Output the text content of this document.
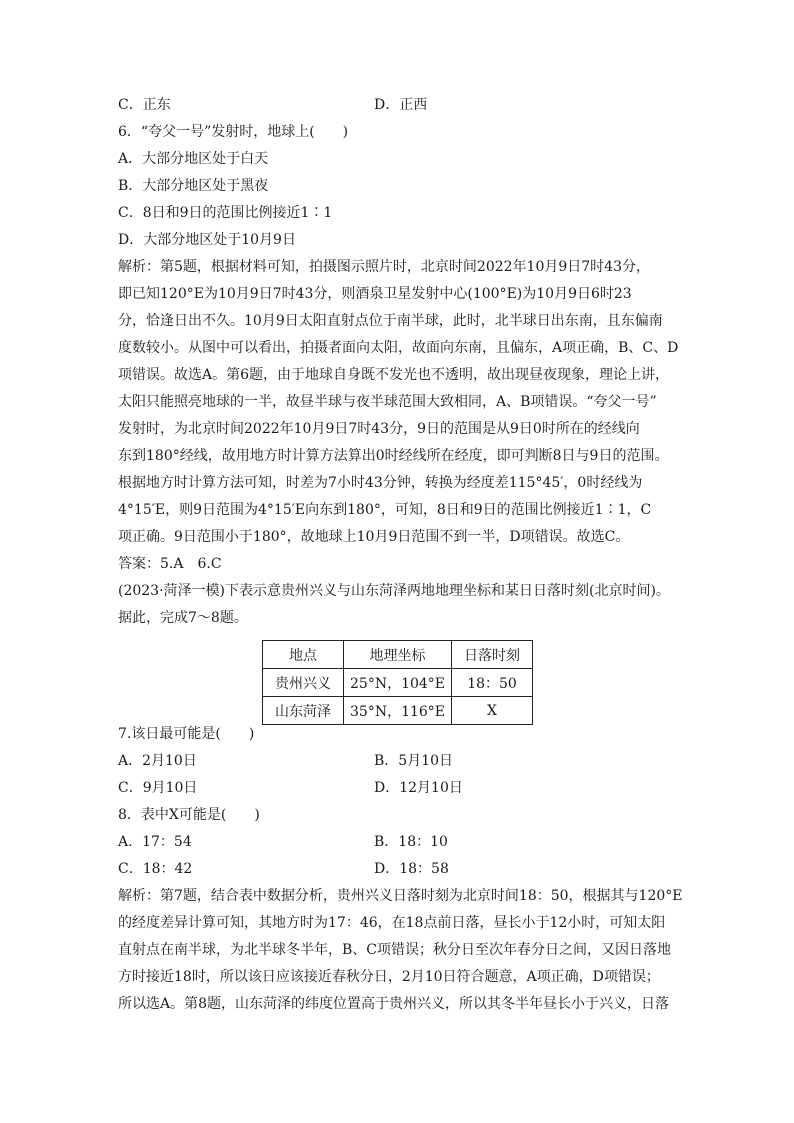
C．正东	D．正西
6．“夸父一号”发射时，地球上(　　)
A．大部分地区处于白天
B．大部分地区处于黑夜
C．8日和9日的范围比例接近1∶1
D．大部分地区处于10月9日
解析：第5题，根据材料可知，拍摄图示照片时，北京时间2022年10月9日7时43分，
即已知120°E为10月9日7时43分，则酒泉卫星发射中心(100°E)为10月9日6时23
分，恰逢日出不久。10月9日太阳直射点位于南半球，此时，北半球日出东南，且东偏南
度数较小。从图中可以看出，拍摄者面向太阳，故面向东南，且偏东，A项正确，B、C、D
项错误。故选A。第6题，由于地球自身既不发光也不透明，故出现昼夜现象，理论上讲，
太阳只能照亮地球的一半，故昼半球与夜半球范围大致相同，A、B项错误。“夸父一号”
发射时，为北京时间2022年10月9日7时43分，9日的范围是从9日0时所在的经线向
东到180°经线，故用地方时计算方法算出0时经线所在经度，即可判断8日与9日的范围。
根据地方时计算方法可知，时差为7小时43分钟，转换为经度差115°45′，0时经线为
4°15′E，则9日范围为4°15′E向东到180°，可知，8日和9日的范围比例接近1∶1，C
项正确。9日范围小于180°，故地球上10月9日范围不到一半，D项错误。故选C。
答案：5.A　6.C
(2023·菏泽一模)下表示意贵州兴义与山东菏泽两地地理坐标和某日日落时刻(北京时间)。
据此，完成7～8题。
地点	地理坐标	日落时刻
贵州兴义	25°N，104°E	18：50
山东菏泽	35°N，116°E	X
7.该日最可能是(　　)
A．2月10日	B．5月10日
C．9月10日	D．12月10日
8．表中X可能是(　　)
A．17：54	B．18：10
C．18：42	D．18：58
解析：第7题，结合表中数据分析，贵州兴义日落时刻为北京时间18：50，根据其与120°E
的经度差异计算可知，其地方时为17：46，在18点前日落，昼长小于12小时，可知太阳
直射点在南半球，为北半球冬半年，B、C项错误；秋分日至次年春分日之间，又因日落地
方时接近18时，所以该日应该接近春秋分日，2月10日符合题意，A项正确，D项错误；
所以选A。第8题，山东菏泽的纬度位置高于贵州兴义，所以其冬半年昼长小于兴义，日落
